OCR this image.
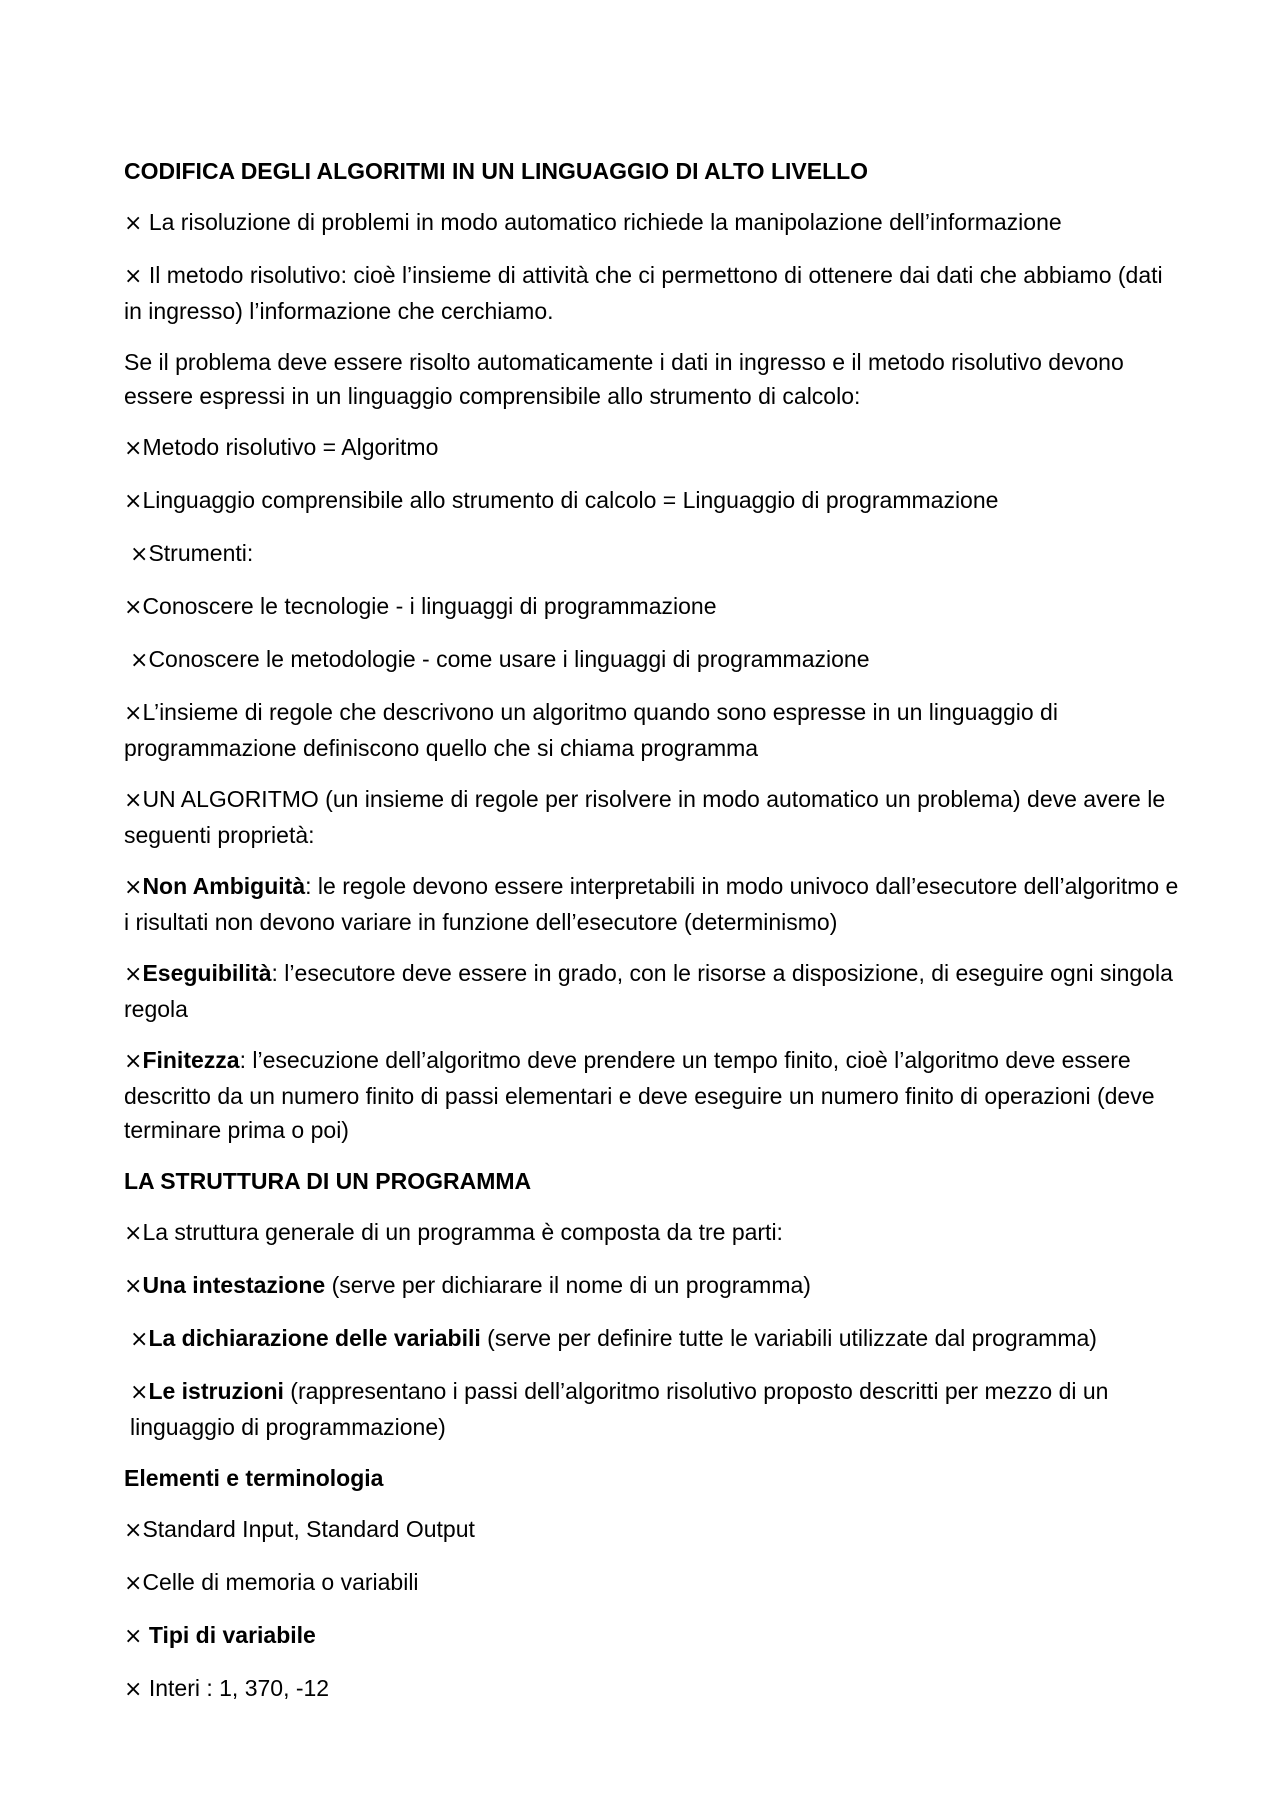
CODIFICA DEGLI ALGORITMI IN UN LINGUAGGIO DI ALTO LIVELLO

× La risoluzione di problemi in modo automatico richiede la manipolazione dell’informazione

× Il metodo risolutivo: cioè l’insieme di attività che ci permettono di ottenere dai dati che abbiamo (dati in ingresso) l’informazione che cerchiamo.

Se il problema deve essere risolto automaticamente i dati in ingresso e il metodo risolutivo devono essere espressi in un linguaggio comprensibile allo strumento di calcolo:

×Metodo risolutivo = Algoritmo

×Linguaggio comprensibile allo strumento di calcolo = Linguaggio di programmazione

×Strumenti:

×Conoscere le tecnologie - i linguaggi di programmazione

×Conoscere le metodologie - come usare i linguaggi di programmazione

×L’insieme di regole che descrivono un algoritmo quando sono espresse in un linguaggio di programmazione definiscono quello che si chiama programma

×UN ALGORITMO (un insieme di regole per risolvere in modo automatico un problema) deve avere le seguenti proprietà:

×Non Ambiguità: le regole devono essere interpretabili in modo univoco dall’esecutore dell’algoritmo e i risultati non devono variare in funzione dell’esecutore (determinismo)

×Eseguibilità: l’esecutore deve essere in grado, con le risorse a disposizione, di eseguire ogni singola regola

×Finitezza: l’esecuzione dell’algoritmo deve prendere un tempo finito, cioè l’algoritmo deve essere descritto da un numero finito di passi elementari e deve eseguire un numero finito di operazioni (deve terminare prima o poi)

LA STRUTTURA DI UN PROGRAMMA

×La struttura generale di un programma è composta da tre parti:

×Una intestazione (serve per dichiarare il nome di un programma)

×La dichiarazione delle variabili (serve per definire tutte le variabili utilizzate dal programma)

×Le istruzioni (rappresentano i passi dell’algoritmo risolutivo proposto descritti per mezzo di un linguaggio di programmazione)

Elementi e terminologia

×Standard Input, Standard Output

×Celle di memoria o variabili

× Tipi di variabile

× Interi : 1, 370, -12
